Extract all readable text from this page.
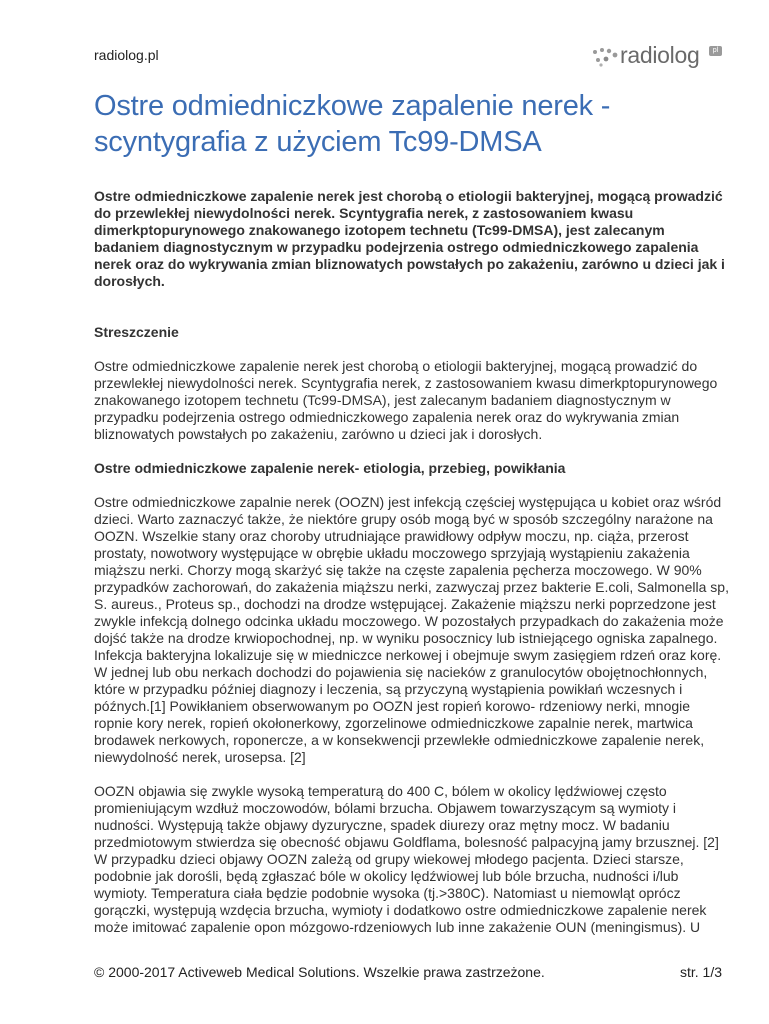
radiolog.pl	radiolog	pl
Ostre odmiedniczkowe zapalenie nerek - scyntygrafia z użyciem Tc99-DMSA

Ostre odmiedniczkowe zapalenie nerek jest chorobą o etiologii bakteryjnej, mogącą prowadzić do przewlekłej niewydolności nerek. Scyntygrafia nerek, z zastosowaniem kwasu dimerkptopurynowego znakowanego izotopem technetu (Tc99-DMSA), jest zalecanym badaniem diagnostycznym w przypadku podejrzenia ostrego odmiedniczkowego zapalenia nerek oraz do wykrywania zmian bliznowatych powstałych po zakażeniu, zarówno u dzieci jak i dorosłych.

Streszczenie

Ostre odmiedniczkowe zapalenie nerek jest chorobą o etiologii bakteryjnej, mogącą prowadzić do przewlekłej niewydolności nerek. Scyntygrafia nerek, z zastosowaniem kwasu dimerkptopurynowego znakowanego izotopem technetu (Tc99-DMSA), jest zalecanym badaniem diagnostycznym w przypadku podejrzenia ostrego odmiedniczkowego zapalenia nerek oraz do wykrywania zmian bliznowatych powstałych po zakażeniu, zarówno u dzieci jak i dorosłych.

Ostre odmiedniczkowe zapalenie nerek- etiologia, przebieg, powikłania

Ostre odmiedniczkowe zapalnie nerek (OOZN) jest infekcją częściej występująca u kobiet oraz wśród dzieci. Warto zaznaczyć także, że niektóre grupy osób mogą być w sposób szczególny narażone na OOZN. Wszelkie stany oraz choroby utrudniające prawidłowy odpływ moczu, np. ciąża, przerost prostaty, nowotwory występujące w obrębie układu moczowego sprzyjają wystąpieniu zakażenia miąższu nerki. Chorzy mogą skarżyć się także na częste zapalenia pęcherza moczowego. W 90% przypadków zachorowań, do zakażenia miąższu nerki, zazwyczaj przez bakterie E.coli, Salmonella sp, S. aureus., Proteus sp., dochodzi na drodze wstępującej. Zakażenie miąższu nerki poprzedzone jest zwykle infekcją dolnego odcinka układu moczowego. W pozostałych przypadkach do zakażenia może dojść także na drodze krwiopochodnej, np. w wyniku posocznicy lub istniejącego ogniska zapalnego. Infekcja bakteryjna lokalizuje się w miedniczce nerkowej i obejmuje swym zasięgiem rdzeń oraz korę. W jednej lub obu nerkach dochodzi do pojawienia się nacieków z granulocytów obojętnochłonnych, które w przypadku później diagnozy i leczenia, są przyczyną wystąpienia powikłań wczesnych i późnych.[1] Powikłaniem obserwowanym po OOZN jest ropień korowo- rdzeniowy nerki, mnogie ropnie kory nerek, ropień okołonerkowy, zgorzelinowe odmiedniczkowe zapalnie nerek, martwica brodawek nerkowych, roponercze, a w konsekwencji przewlekłe odmiedniczkowe zapalenie nerek, niewydolność nerek, urosepsa. [2]

OOZN objawia się zwykle wysoką temperaturą do 400 C, bólem w okolicy lędźwiowej często promieniującym wzdłuż moczowodów, bólami brzucha. Objawem towarzyszącym są wymioty i nudności. Występują także objawy dyzuryczne, spadek diurezy oraz mętny mocz. W badaniu przedmiotowym stwierdza się obecność objawu Goldflama, bolesność palpacyjną jamy brzusznej. [2] W przypadku dzieci objawy OOZN zależą od grupy wiekowej młodego pacjenta. Dzieci starsze, podobnie jak dorośli, będą zgłaszać bóle w okolicy lędźwiowej lub bóle brzucha, nudności i/lub wymioty. Temperatura ciała będzie podobnie wysoka (tj.>380C). Natomiast u niemowląt oprócz gorączki, występują wzdęcia brzucha, wymioty i dodatkowo ostre odmiedniczkowe zapalenie nerek może imitować zapalenie opon mózgowo-rdzeniowych lub inne zakażenie OUN (meningismus). U

© 2000-2017 Activeweb Medical Solutions. Wszelkie prawa zastrzeżone.	str. 1/3
